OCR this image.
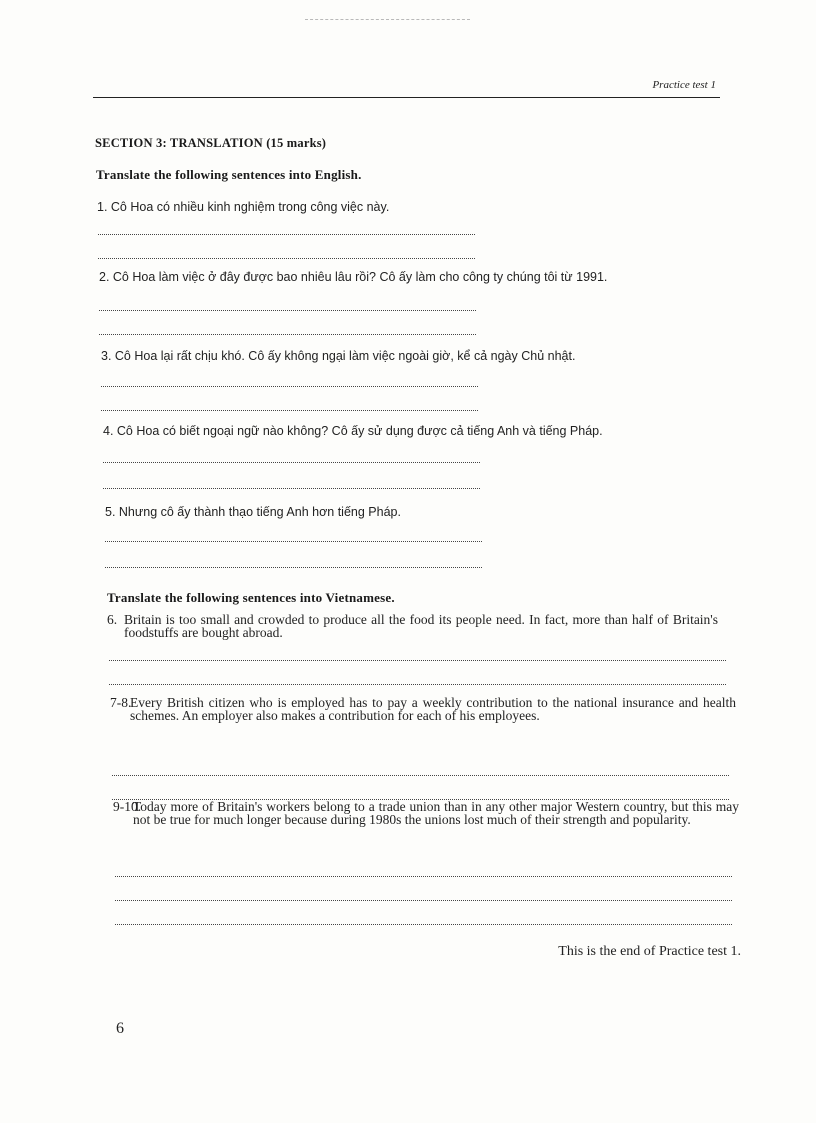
Practice test 1
SECTION 3: TRANSLATION (15 marks)
Translate the following sentences into English.
1. Cô Hoa có nhiều kinh nghiệm trong công việc này.
2. Cô Hoa làm việc ở đây được bao nhiêu lâu rồi? Cô ấy làm cho công ty chúng tôi từ 1991.
3. Cô Hoa lại rất chịu khó. Cô ấy không ngại làm việc ngoài giờ, kể cả ngày Chủ nhật.
4. Cô Hoa có biết ngoại ngữ nào không? Cô ấy sử dụng được cả tiếng Anh và tiếng Pháp.
5. Nhưng cô ấy thành thạo tiếng Anh hơn tiếng Pháp.
Translate the following sentences into Vietnamese.
6. Britain is too small and crowded to produce all the food its people need. In fact, more than half of Britain's foodstuffs are bought abroad.
7-8.
Every British citizen who is employed has to pay a weekly contribution to the national insurance and health schemes. An employer also makes a contribution for each of his employees.
9-10.
Today more of Britain's workers belong to a trade union than in any other major Western country, but this may not be true for much longer because during 1980s the unions lost much of their strength and popularity.
This is the end of Practice test 1.
6
